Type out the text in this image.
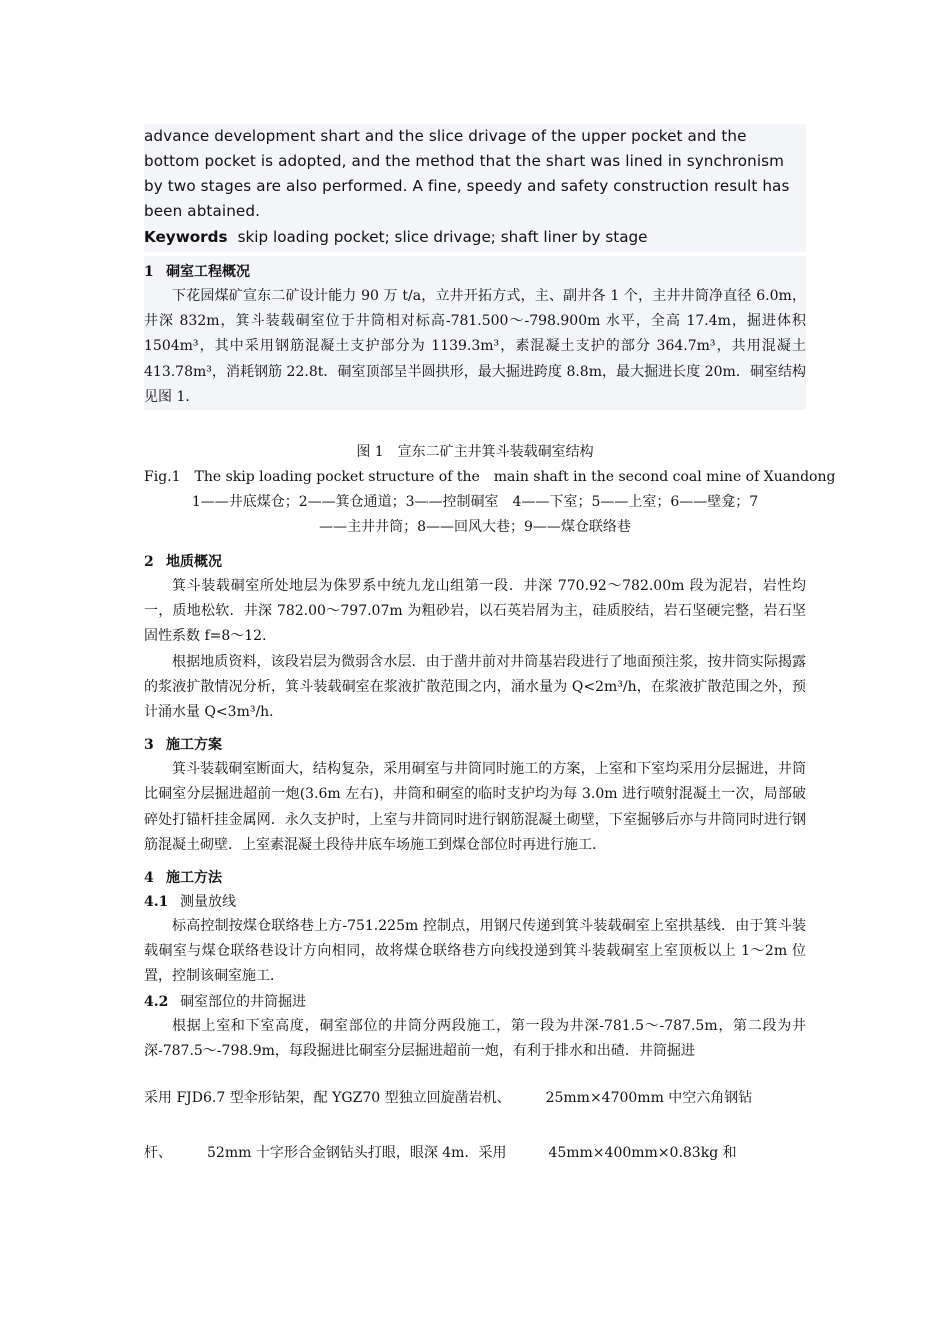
advance development shart and the slice drivage of the upper pocket and the bottom pocket is adopted, and the method that the shart was lined in synchronism by two stages are also performed. A fine, speedy and safety construction result has been abtained.
Keywords skip loading pocket; slice drivage; shaft liner by stage
1 硐室工程概况

下花园煤矿宣东二矿设计能力 90 万 t/a，立井开拓方式，主、副井各 1 个，主井井筒净直径 6.0m， 井深 832m，箕斗装载硐室位于井筒相对标高-781.500～-798.900m 水平，全高 17.4m，掘进体积 1504m³，其中采用钢筋混凝土支护部分为 1139.3m³，素混凝土支护的部分 364.7m³，共用混凝土 413.78m³，消耗钢筋 22.8t．硐室顶部呈半圆拱形，最大掘进跨度 8.8m，最大掘进长度 20m．硐室结构见图 1．

图 1　宣东二矿主井箕斗装载硐室结构
Fig.1　The skip loading pocket structure of the　main shaft in the second coal mine of Xuandong
1——井底煤仓；2——箕仓通道；3——控制硐室　4——下室；5——上室；6——壁龛；7
——主井井筒；8——回风大巷；9——煤仓联络巷
2 地质概况

箕斗装载硐室所处地层为侏罗系中统九龙山组第一段．井深 770.92～782.00m 段为泥岩，岩性均一，质地松软．井深 782.00～797.07m 为粗砂岩，以石英岩屑为主，硅质胶结，岩石坚硬完整，岩石坚固性系数 f=8～12．

根据地质资料，该段岩层为微弱含水层．由于凿井前对井筒基岩段进行了地面预注浆，按井筒实际揭露的浆液扩散情况分析，箕斗装载硐室在浆液扩散范围之内，涌水量为 Q<2m³/h，在浆液扩散范围之外，预计涌水量 Q<3m³/h．

3 施工方案

箕斗装载硐室断面大，结构复杂，采用硐室与井筒同时施工的方案，上室和下室均采用分层掘进，井筒比硐室分层掘进超前一炮(3.6m 左右)，井筒和硐室的临时支护均为每 3.0m 进行喷射混凝土一次，局部破碎处打锚杆挂金属网．永久支护时，上室与井筒同时进行钢筋混凝土砌壁，下室掘够后亦与井筒同时进行钢筋混凝土砌壁．上室素混凝土段待井底车场施工到煤仓部位时再进行施工．

4 施工方法
4.1 测量放线

标高控制按煤仓联络巷上方-751.225m 控制点，用钢尺传递到箕斗装载硐室上室拱基线．由于箕斗装载硐室与煤仓联络巷设计方向相同，故将煤仓联络巷方向线投递到箕斗装载硐室上室顶板以上 1～2m 位置，控制该硐室施工．

4.2 硐室部位的井筒掘进

根据上室和下室高度，硐室部位的井筒分两段施工，第一段为井深-781.5～-787.5m，第二段为井深-787.5～-798.9m，每段掘进比硐室分层掘进超前一炮，有利于排水和出碴．井筒掘进

采用 FJD6.7 型伞形钻架，配 YGZ70 型独立回旋凿岩机、　　　25mm×4700mm 中空六角钢钻
杆、　　　52mm 十字形合金钢钻头打眼，眼深 4m．采用　　　45mm×400mm×0.83kg 和
